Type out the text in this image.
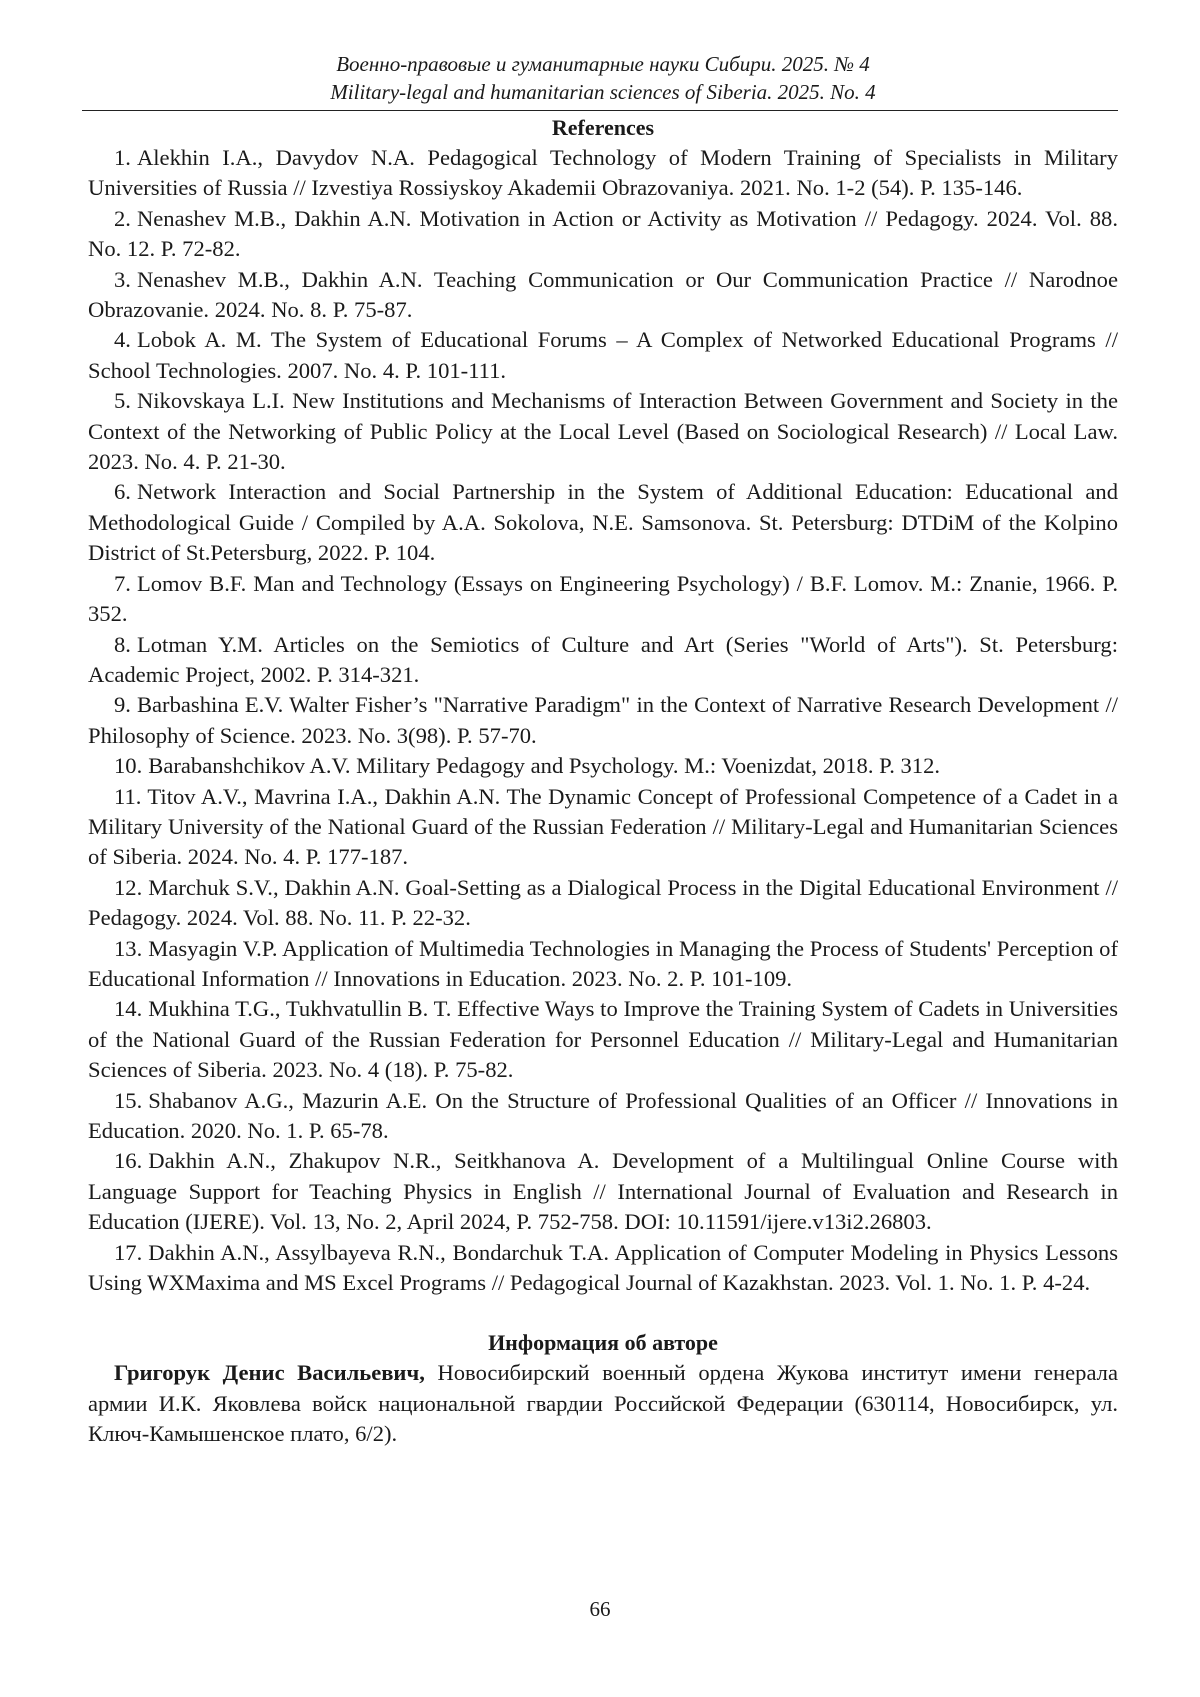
Военно-правовые и гуманитарные науки Сибири. 2025. № 4
Military-legal and humanitarian sciences of Siberia. 2025. No. 4
References
1. Alekhin I.A., Davydov N.A. Pedagogical Technology of Modern Training of Specialists in Military Universities of Russia // Izvestiya Rossiyskoy Akademii Obrazovaniya. 2021. No. 1-2 (54). P. 135-146.
2. Nenashev M.B., Dakhin A.N. Motivation in Action or Activity as Motivation // Pedagogy. 2024. Vol. 88. No. 12. P. 72-82.
3. Nenashev M.B., Dakhin A.N. Teaching Communication or Our Communication Practice // Narodnoe Obrazovanie. 2024. No. 8. P. 75-87.
4. Lobok A. M. The System of Educational Forums – A Complex of Networked Educational Programs // School Technologies. 2007. No. 4. P. 101-111.
5. Nikovskaya L.I. New Institutions and Mechanisms of Interaction Between Government and Society in the Context of the Networking of Public Policy at the Local Level (Based on Sociological Research) // Local Law. 2023. No. 4. P. 21-30.
6. Network Interaction and Social Partnership in the System of Additional Education: Educational and Methodological Guide / Compiled by A.A. Sokolova, N.E. Samsonova. St. Petersburg: DTDiM of the Kolpino District of St.Petersburg, 2022. P. 104.
7. Lomov B.F. Man and Technology (Essays on Engineering Psychology) / B.F. Lomov. M.: Znanie, 1966. P. 352.
8. Lotman Y.M. Articles on the Semiotics of Culture and Art (Series "World of Arts"). St. Petersburg: Academic Project, 2002. P. 314-321.
9. Barbashina E.V. Walter Fisher’s "Narrative Paradigm" in the Context of Narrative Research Development // Philosophy of Science. 2023. No. 3(98). P. 57-70.
10. Barabanshchikov A.V. Military Pedagogy and Psychology. M.: Voenizdat, 2018. P. 312.
11. Titov A.V., Mavrina I.A., Dakhin A.N. The Dynamic Concept of Professional Competence of a Cadet in a Military University of the National Guard of the Russian Federation // Military-Legal and Humanitarian Sciences of Siberia. 2024. No. 4. P. 177-187.
12. Marchuk S.V., Dakhin A.N. Goal-Setting as a Dialogical Process in the Digital Educational Environment // Pedagogy. 2024. Vol. 88. No. 11. P. 22-32.
13. Masyagin V.P. Application of Multimedia Technologies in Managing the Process of Students' Perception of Educational Information // Innovations in Education. 2023. No. 2. P. 101-109.
14. Mukhina T.G., Tukhvatullin B. T. Effective Ways to Improve the Training System of Cadets in Universities of the National Guard of the Russian Federation for Personnel Education // Military-Legal and Humanitarian Sciences of Siberia. 2023. No. 4 (18). P. 75-82.
15. Shabanov A.G., Mazurin A.E. On the Structure of Professional Qualities of an Officer // Innovations in Education. 2020. No. 1. P. 65-78.
16. Dakhin A.N., Zhakupov N.R., Seitkhanova A. Development of a Multilingual Online Course with Language Support for Teaching Physics in English // International Journal of Evaluation and Research in Education (IJERE). Vol. 13, No. 2, April 2024, P. 752-758. DOI: 10.11591/ijere.v13i2.26803.
17. Dakhin A.N., Assylbayeva R.N., Bondarchuk T.A. Application of Computer Modeling in Physics Lessons Using WXMaxima and MS Excel Programs // Pedagogical Journal of Kazakhstan. 2023. Vol. 1. No. 1. P. 4-24.
Информация об авторе

Григорук Денис Васильевич, Новосибирский военный ордена Жукова институт имени генерала армии И.К. Яковлева войск национальной гвардии Российской Федерации (630114, Новосибирск, ул. Ключ-Камышенское плато, 6/2).

66
